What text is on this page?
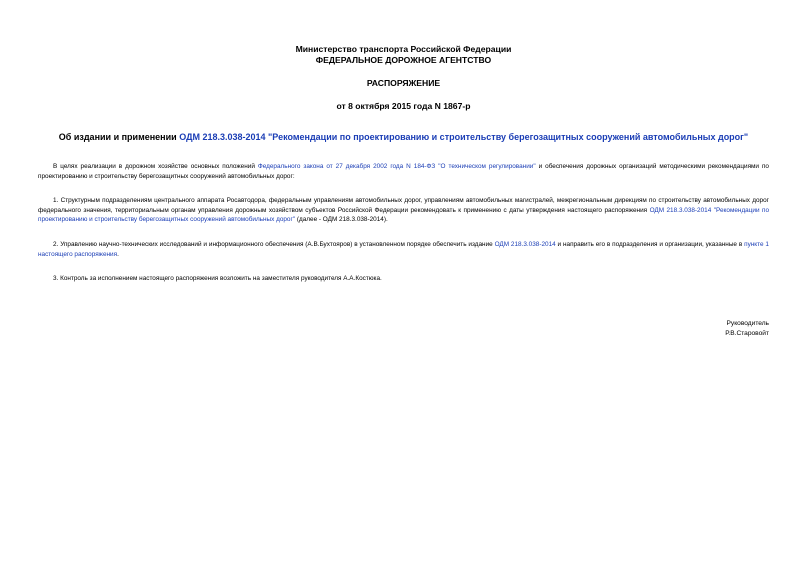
Министерство транспорта Российской Федерации
ФЕДЕРАЛЬНОЕ ДОРОЖНОЕ АГЕНТСТВО
РАСПОРЯЖЕНИЕ
от 8 октября 2015 года N 1867-р
Об издании и применении ОДМ 218.3.038-2014 "Рекомендации по проектированию и строительству берегозащитных сооружений автомобильных дорог"

В целях реализации в дорожном хозяйстве основных положений Федерального закона от 27 декабря 2002 года N 184-ФЗ "О техническом регулировании" и обеспечения дорожных организаций методическими рекомендациями по проектированию и строительству берегозащитных сооружений автомобильных дорог:

1. Структурным подразделениям центрального аппарата Росавтодора, федеральным управлениям автомобильных дорог, управлениям автомобильных магистралей, межрегиональным дирекциям по строительству автомобильных дорог федерального значения, территориальным органам управления дорожным хозяйством субъектов Российской Федерации рекомендовать к применению с даты утверждения настоящего распоряжения ОДМ 218.3.038-2014 "Рекомендации по проектированию и строительству берегозащитных сооружений автомобильных дорог" (далее - ОДМ 218.3.038-2014).

2. Управлению научно-технических исследований и информационного обеспечения (А.В.Бухтояров) в установленном порядке обеспечить издание ОДМ 218.3.038-2014 и направить его в подразделения и организации, указанные в пункте 1 настоящего распоряжения.

3. Контроль за исполнением настоящего распоряжения возложить на заместителя руководителя А.А.Костюка.

Руководитель
Р.В.Старовойт
